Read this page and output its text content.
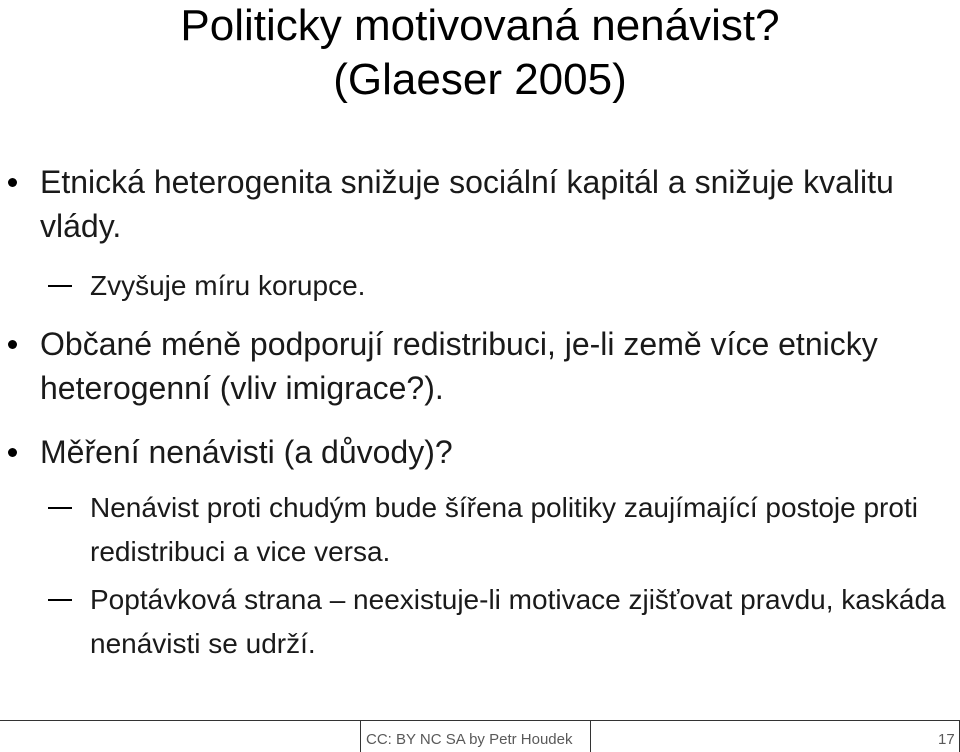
Politicky motivovaná nenávist?
(Glaeser 2005)
Etnická heterogenita snižuje sociální kapitál a snižuje kvalitu vlády.
Zvyšuje míru korupce.
Občané méně podporují redistribuci, je-li země více etnicky heterogenní (vliv imigrace?).
Měření nenávisti (a důvody)?
Nenávist proti chudým bude šířena politiky zaujímající postoje proti redistribuci a vice versa.
Poptávková strana – neexistuje-li motivace zjišťovat pravdu, kaskáda nenávisti se udrží.
CC: BY NC SA by Petr Houdek	17
